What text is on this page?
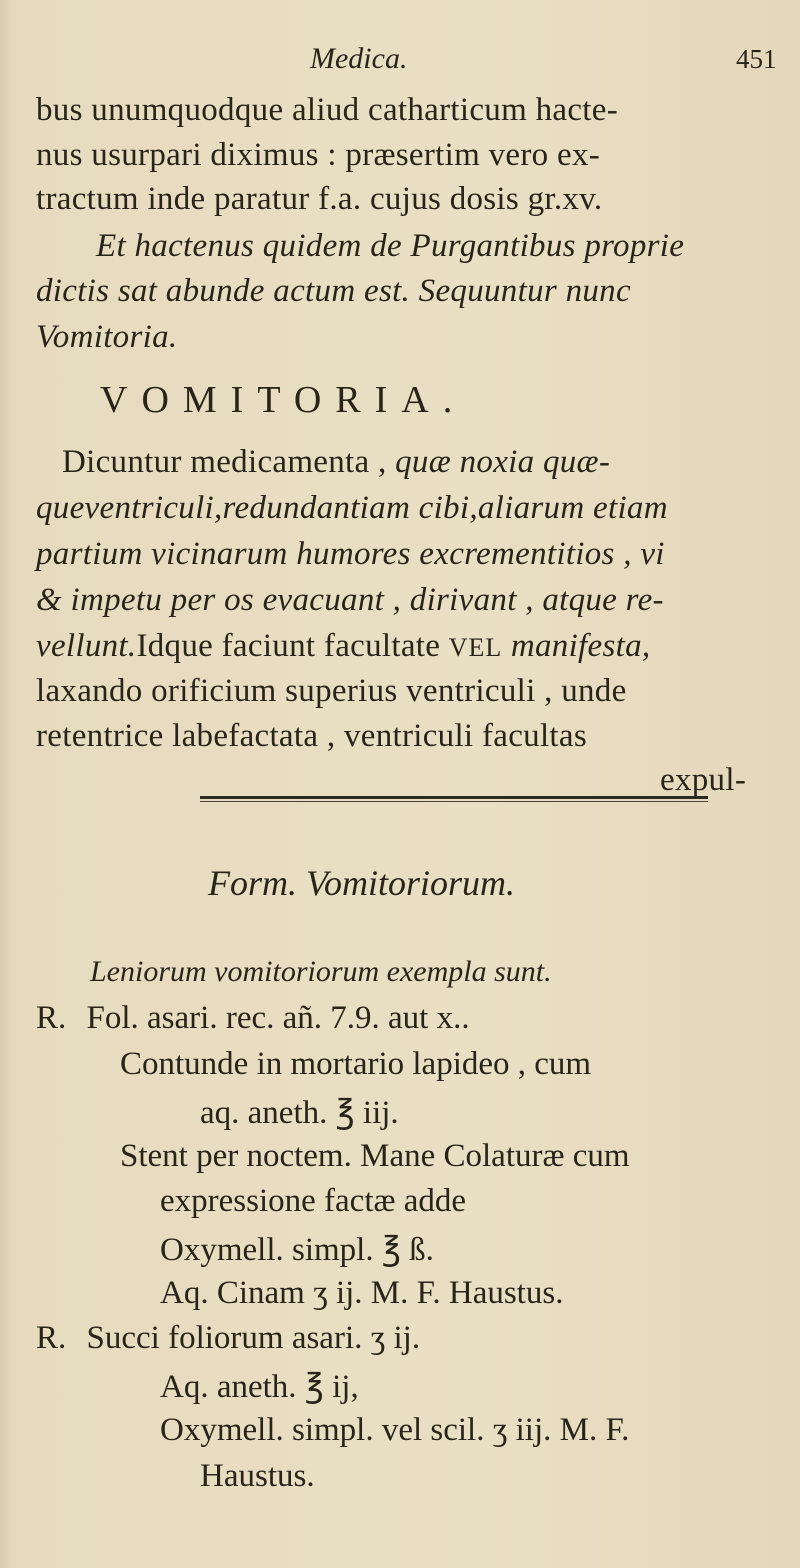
Medica.	451
bus unumquodque aliud catharticum hacte-
nus usurpari diximus : præsertim vero ex-
tractum inde paratur f.a. cujus dosis gr.xv.
Et hactenus quidem de Purgantibus proprie
dictis sat abunde actum est. Sequuntur nunc
Vomitoria.
VOMITORIA.
Dicuntur medicamenta , quæ noxia quæ-
queventriculi,redundantiam cibi,aliarum etiam
partium vicinarum humores excrementitios , vi
& impetu per os evacuant , dirivant , atque re-
vellunt.Idque faciunt facultate VEL manifesta,
laxando orificium superius ventriculi , unde
retentrice labefactata , ventriculi facultas
expul-
Form. Vomitoriorum.
Leniorum vomitoriorum exempla sunt.
R. Fol. asari. rec. añ. 7.9. aut x..
Contunde in mortario lapideo , cum
aq. aneth. ℥ iij.
Stent per noctem. Mane Colaturæ cum
expressione factæ adde
Oxymell. simpl. ℥ ß.
Aq. Cinam ʒ ij. M. F. Haustus.
R. Succi foliorum asari. ʒ ij.
Aq. aneth. ℥ ij,
Oxymell. simpl. vel scil. ʒ iij. M. F.
Haustus.
